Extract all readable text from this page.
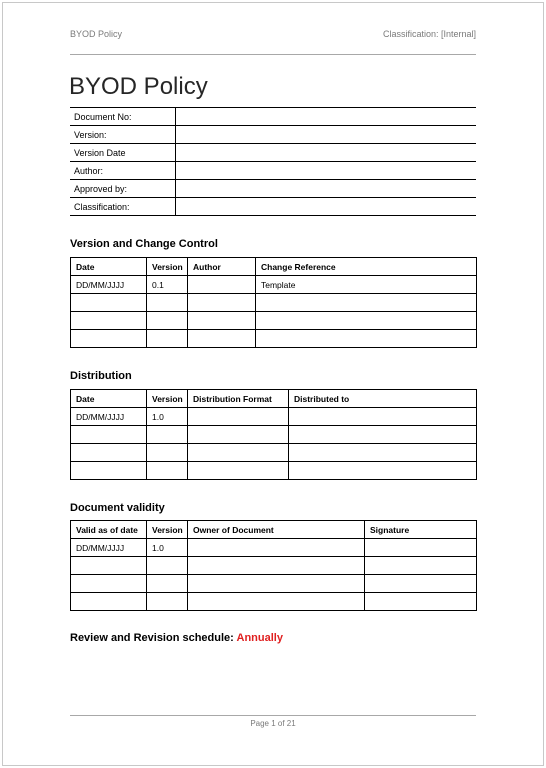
BYOD Policy	Classification: [Internal]
BYOD Policy
Document No:	
Version:	
Version Date	
Author:	
Approved by:	
Classification:	
Version and Change Control
Date	Version	Author	Change Reference
DD/MM/JJJJ	0.1		Template

Distribution
Date	Version	Distribution Format	Distributed to
DD/MM/JJJJ	1.0		

Document validity
Valid as of date	Version	Owner of Document	Signature
DD/MM/JJJJ	1.0		

Review and Revision schedule: Annually
Page 1 of 21
